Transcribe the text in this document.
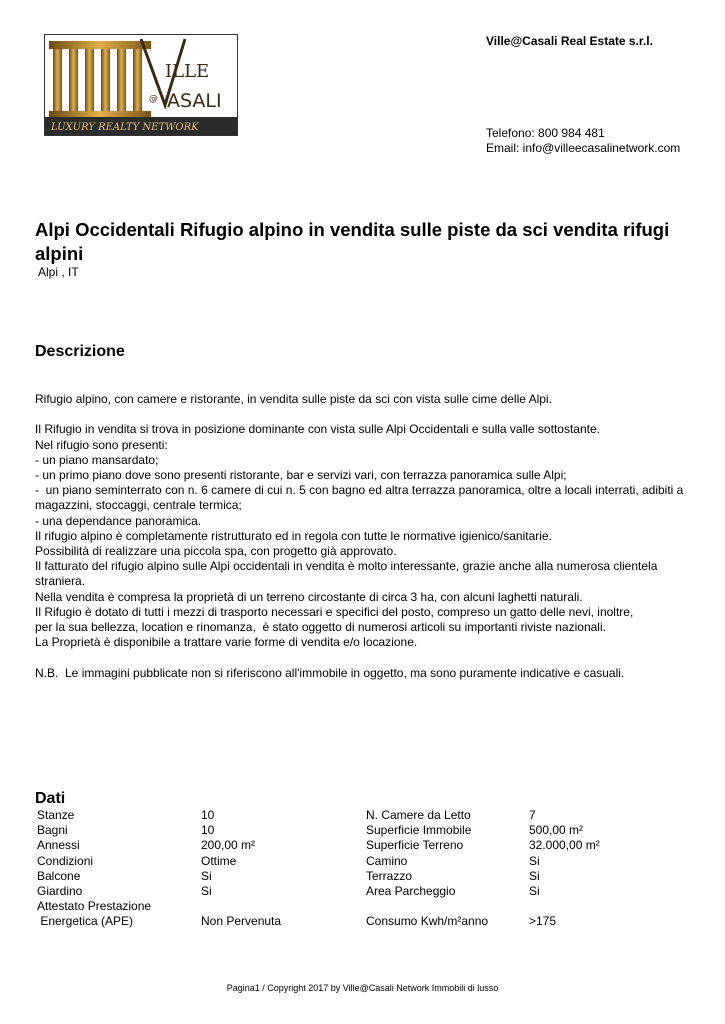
ILLE
@ ASALI
LUXURY REALTY NETWORK
Ville@Casali Real Estate s.r.l.
Telefono: 800 984 481
Email: info@villeecasalinetwork.com
Alpi Occidentali Rifugio alpino in vendita sulle piste da sci vendita rifugi alpini
Alpi , IT
Descrizione

Rifugio alpino, con camere e ristorante, in vendita sulle piste da sci con vista sulle cime delle Alpi.

Il Rifugio in vendita si trova in posizione dominante con vista sulle Alpi Occidentali e sulla valle sottostante.
Nel rifugio sono presenti:
- un piano mansardato;
- un primo piano dove sono presenti ristorante, bar e servizi vari, con terrazza panoramica sulle Alpi;
-  un piano seminterrato con n. 6 camere di cui n. 5 con bagno ed altra terrazza panoramica, oltre a locali interrati, adibiti a magazzini, stoccaggi, centrale termica;
- una dependance panoramica.
Il rifugio alpino è completamente ristrutturato ed in regola con tutte le normative igienico/sanitarie.
Possibilità di realizzare una piccola spa, con progetto già approvato.
Il fatturato del rifugio alpino sulle Alpi occidentali in vendita è molto interessante, grazie anche alla numerosa clientela straniera.
Nella vendita è compresa la proprietà di un terreno circostante di circa 3 ha, con alcuni laghetti naturali.
Il Rifugio è dotato di tutti i mezzi di trasporto necessari e specifici del posto, compreso un gatto delle nevi, inoltre,
per la sua bellezza, location e rinomanza,  è stato oggetto di numerosi articoli su importanti riviste nazionali.
La Proprietà è disponibile a trattare varie forme di vendita e/o locazione.

N.B.  Le immagini pubblicate non si riferiscono all'immobile in oggetto, ma sono puramente indicative e casuali.

Dati
Stanze	10	N. Camere da Letto	7
Bagni	10	Superficie Immobile	500,00 m²
Annessi	200,00 m²	Superficie Terreno	32.000,00 m²
Condizioni	Ottime	Camino	Si
Balcone	Si	Terrazzo	Si
Giardino	Si	Area Parcheggio	Si
Attestato Prestazione
Energetica (APE)	Non Pervenuta	Consumo Kwh/m²anno	>175
Pagina1 / Copyright 2017 by Ville@Casali Network Immobili di lusso
